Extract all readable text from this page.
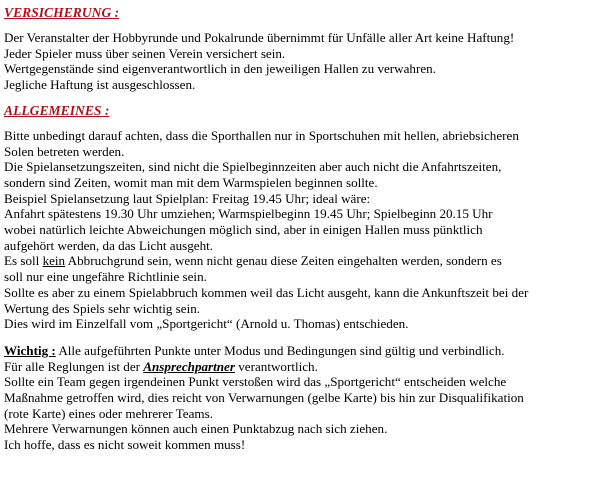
VERSICHERUNG :

Der Veranstalter der Hobbyrunde und Pokalrunde übernimmt für Unfälle aller Art keine Haftung!

Jeder Spieler muss über seinen Verein versichert sein.

Wertgegenstände sind eigenverantwortlich in den jeweiligen Hallen zu verwahren.

Jegliche Haftung ist ausgeschlossen.

ALLGEMEINES :

Bitte unbedingt darauf achten, dass die Sporthallen nur in Sportschuhen mit hellen, abriebsicheren

Solen betreten werden.

Die Spielansetzungszeiten, sind nicht die Spielbeginnzeiten aber auch nicht die Anfahrtszeiten,

sondern sind Zeiten, womit man mit dem Warmspielen beginnen sollte.

Beispiel Spielansetzung laut Spielplan: Freitag 19.45 Uhr; ideal wäre:

Anfahrt spätestens 19.30 Uhr umziehen; Warmspielbeginn 19.45 Uhr; Spielbeginn 20.15 Uhr

wobei natürlich leichte Abweichungen möglich sind, aber in einigen Hallen muss pünktlich

aufgehört werden, da das Licht ausgeht.

Es soll kein Abbruchgrund sein, wenn nicht genau diese Zeiten eingehalten werden, sondern es

soll nur eine ungefähre Richtlinie sein.

Sollte es aber zu einem Spielabbruch kommen weil das Licht ausgeht, kann die Ankunftszeit bei der

Wertung des Spiels sehr wichtig sein.

Dies wird im Einzelfall vom „Sportgericht“ (Arnold u. Thomas) entschieden.

Wichtig : Alle aufgeführten Punkte unter Modus und Bedingungen sind gültig und verbindlich.

Für alle Reglungen ist der Ansprechpartner verantwortlich.

Sollte ein Team gegen irgendeinen Punkt verstoßen wird das „Sportgericht“ entscheiden welche

Maßnahme getroffen wird, dies reicht von Verwarnungen (gelbe Karte) bis hin zur Disqualifikation

(rote Karte) eines oder mehrerer Teams.

Mehrere Verwarnungen können auch einen Punktabzug nach sich ziehen.

Ich hoffe, dass es nicht soweit kommen muss!
